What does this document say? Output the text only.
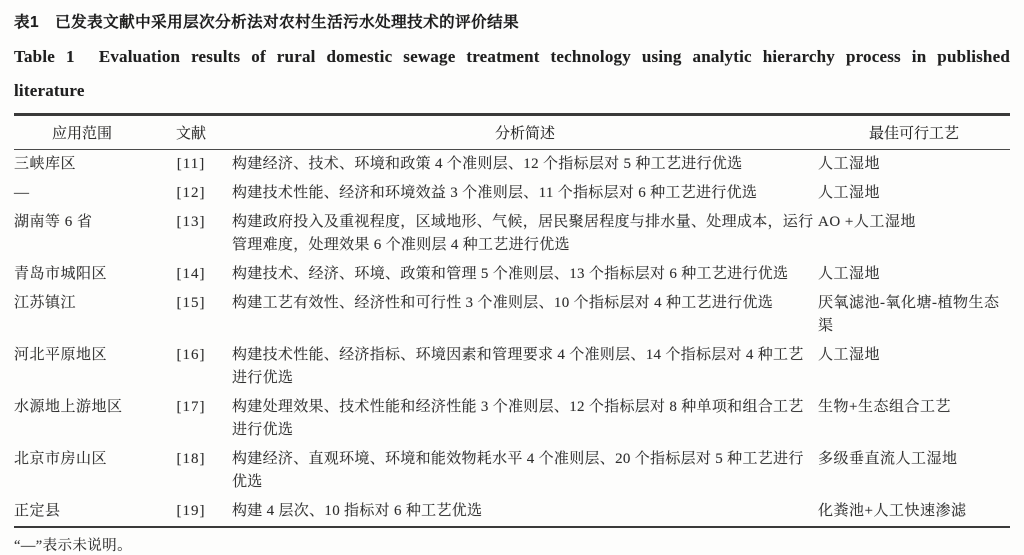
表1　已发表文献中采用层次分析法对农村生活污水处理技术的评价结果
Table 1　Evaluation results of rural domestic sewage treatment technology using analytic hierarchy process in published literature
应用范围	文献	分析简述	最佳可行工艺
三峡库区	[11]	构建经济、技术、环境和政策 4 个准则层、12 个指标层对 5 种工艺进行优选	人工湿地
—	[12]	构建技术性能、经济和环境效益 3 个准则层、11 个指标层对 6 种工艺进行优选	人工湿地
湖南等 6 省	[13]	构建政府投入及重视程度，区域地形、气候，居民聚居程度与排水量、处理成本，运行管理难度，处理效果 6 个准则层 4 种工艺进行优选	AO +人工湿地
青岛市城阳区	[14]	构建技术、经济、环境、政策和管理 5 个准则层、13 个指标层对 6 种工艺进行优选	人工湿地
江苏镇江	[15]	构建工艺有效性、经济性和可行性 3 个准则层、10 个指标层对 4 种工艺进行优选	厌氧滤池-氧化塘-植物生态渠
河北平原地区	[16]	构建技术性能、经济指标、环境因素和管理要求 4 个准则层、14 个指标层对 4 种工艺进行优选	人工湿地
水源地上游地区	[17]	构建处理效果、技术性能和经济性能 3 个准则层、12 个指标层对 8 种单项和组合工艺进行优选	生物+生态组合工艺
北京市房山区	[18]	构建经济、直观环境、环境和能效物耗水平 4 个准则层、20 个指标层对 5 种工艺进行优选	多级垂直流人工湿地
正定县	[19]	构建 4 层次、10 指标对 6 种工艺优选	化粪池+人工快速渗滤
“—”表示未说明。
